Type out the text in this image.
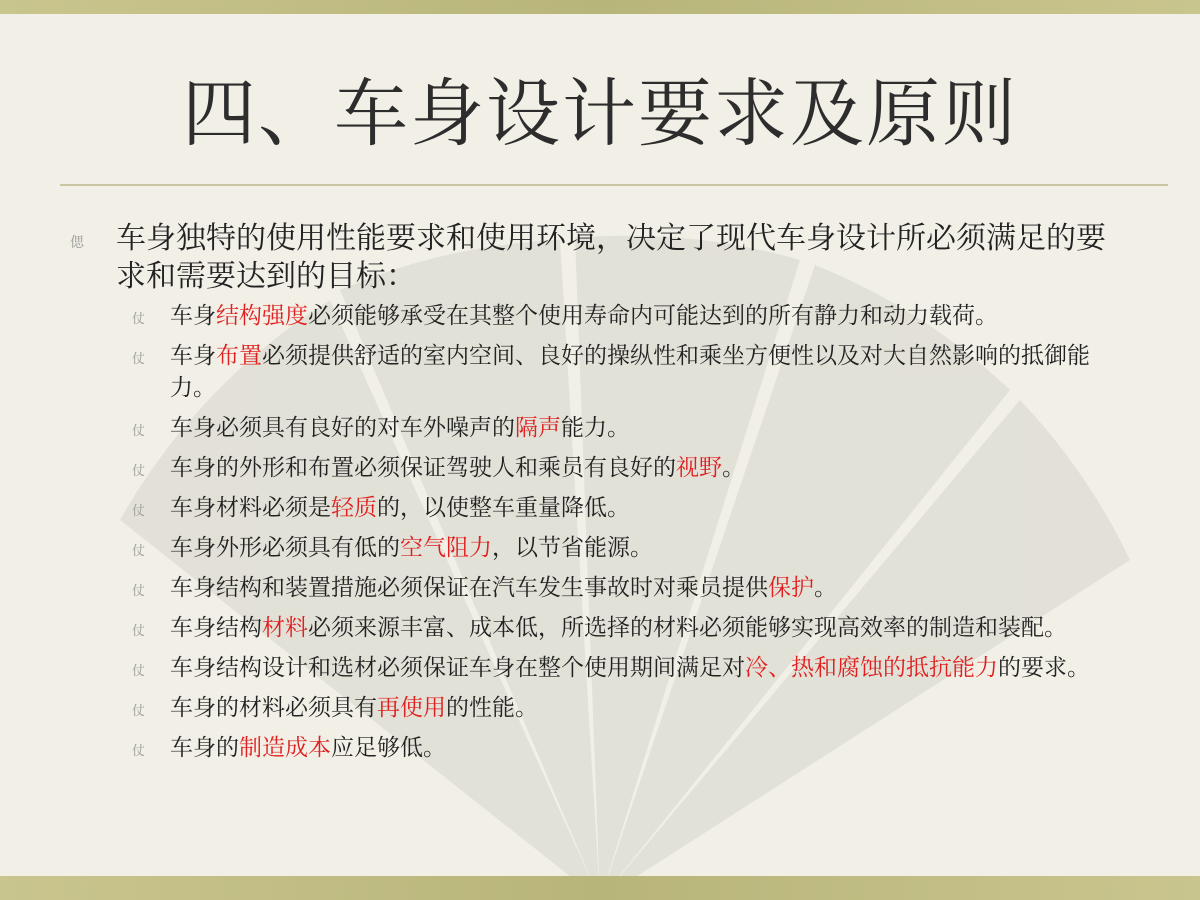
四、车身设计要求及原则
偲	车身独特的使用性能要求和使用环境，决定了现代车身设计所必须满足的要求和需要达到的目标：
仗	车身结构强度必须能够承受在其整个使用寿命内可能达到的所有静力和动力载荷。
仗	车身布置必须提供舒适的室内空间、良好的操纵性和乘坐方便性以及对大自然影响的抵御能力。
仗	车身必须具有良好的对车外噪声的隔声能力。
仗	车身的外形和布置必须保证驾驶人和乘员有良好的视野。
仗	车身材料必须是轻质的，以使整车重量降低。
仗	车身外形必须具有低的空气阻力，以节省能源。
仗	车身结构和装置措施必须保证在汽车发生事故时对乘员提供保护。
仗	车身结构材料必须来源丰富、成本低，所选择的材料必须能够实现高效率的制造和装配。
仗	车身结构设计和选材必须保证车身在整个使用期间满足对冷、热和腐蚀的抵抗能力的要求。
仗	车身的材料必须具有再使用的性能。
仗	车身的制造成本应足够低。
